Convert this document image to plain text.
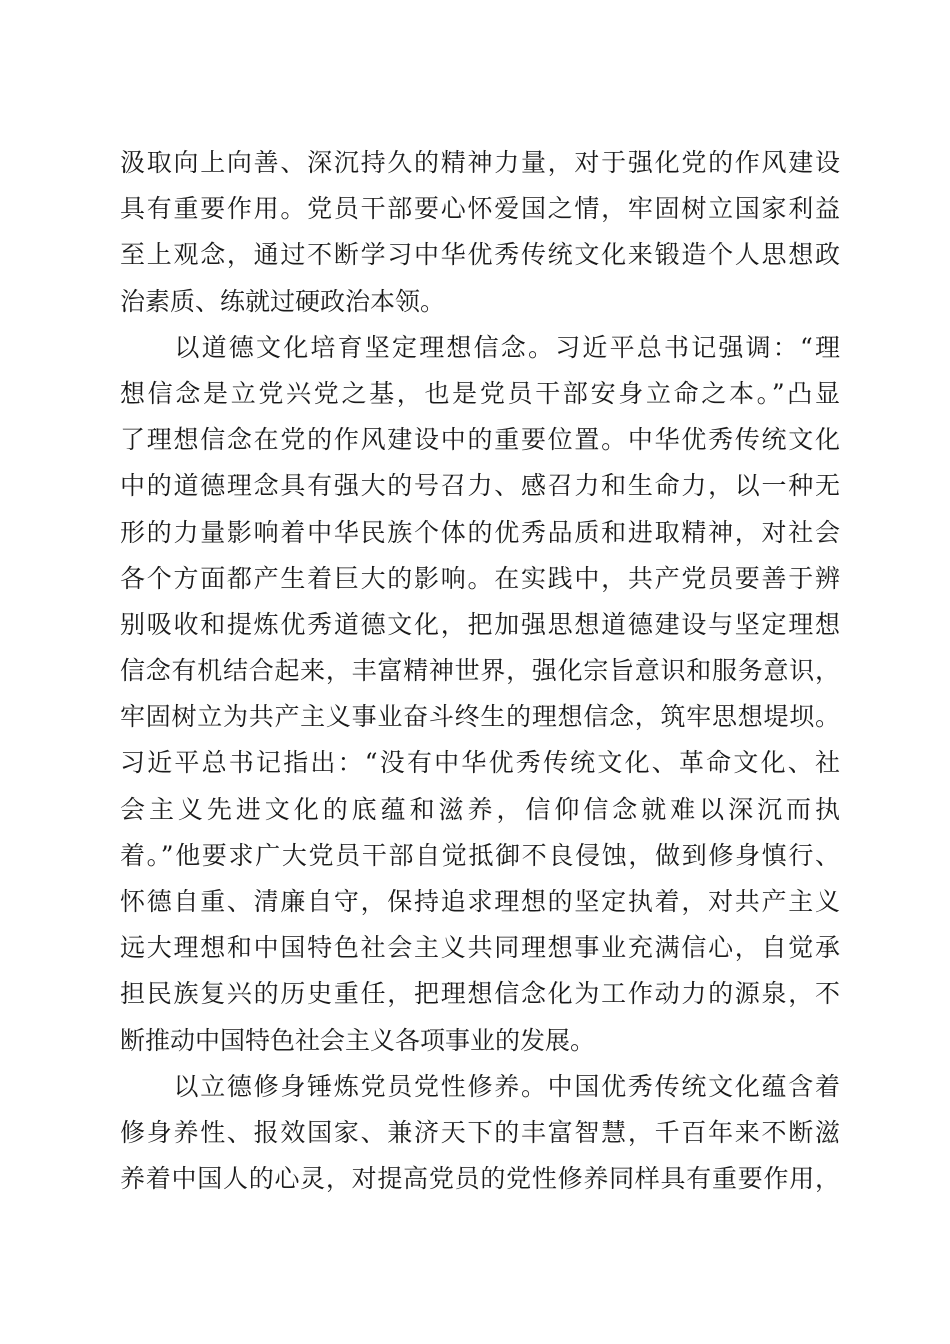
汲取向上向善、深沉持久的精神力量，对于强化党的作风建设
具有重要作用。党员干部要心怀爱国之情，牢固树立国家利益
至上观念，通过不断学习中华优秀传统文化来锻造个人思想政
治素质、练就过硬政治本领。
　　以道德文化培育坚定理想信念。习近平总书记强调：“理
想信念是立党兴党之基，也是党员干部安身立命之本。”凸显
了理想信念在党的作风建设中的重要位置。中华优秀传统文化
中的道德理念具有强大的号召力、感召力和生命力，以一种无
形的力量影响着中华民族个体的优秀品质和进取精神，对社会
各个方面都产生着巨大的影响。在实践中，共产党员要善于辨
别吸收和提炼优秀道德文化，把加强思想道德建设与坚定理想
信念有机结合起来，丰富精神世界，强化宗旨意识和服务意识，
牢固树立为共产主义事业奋斗终生的理想信念，筑牢思想堤坝。
习近平总书记指出：“没有中华优秀传统文化、革命文化、社
会主义先进文化的底蕴和滋养，信仰信念就难以深沉而执
着。”他要求广大党员干部自觉抵御不良侵蚀，做到修身慎行、
怀德自重、清廉自守，保持追求理想的坚定执着，对共产主义
远大理想和中国特色社会主义共同理想事业充满信心，自觉承
担民族复兴的历史重任，把理想信念化为工作动力的源泉，不
断推动中国特色社会主义各项事业的发展。
　　以立德修身锤炼党员党性修养。中国优秀传统文化蕴含着
修身养性、报效国家、兼济天下的丰富智慧，千百年来不断滋
养着中国人的心灵，对提高党员的党性修养同样具有重要作用，
